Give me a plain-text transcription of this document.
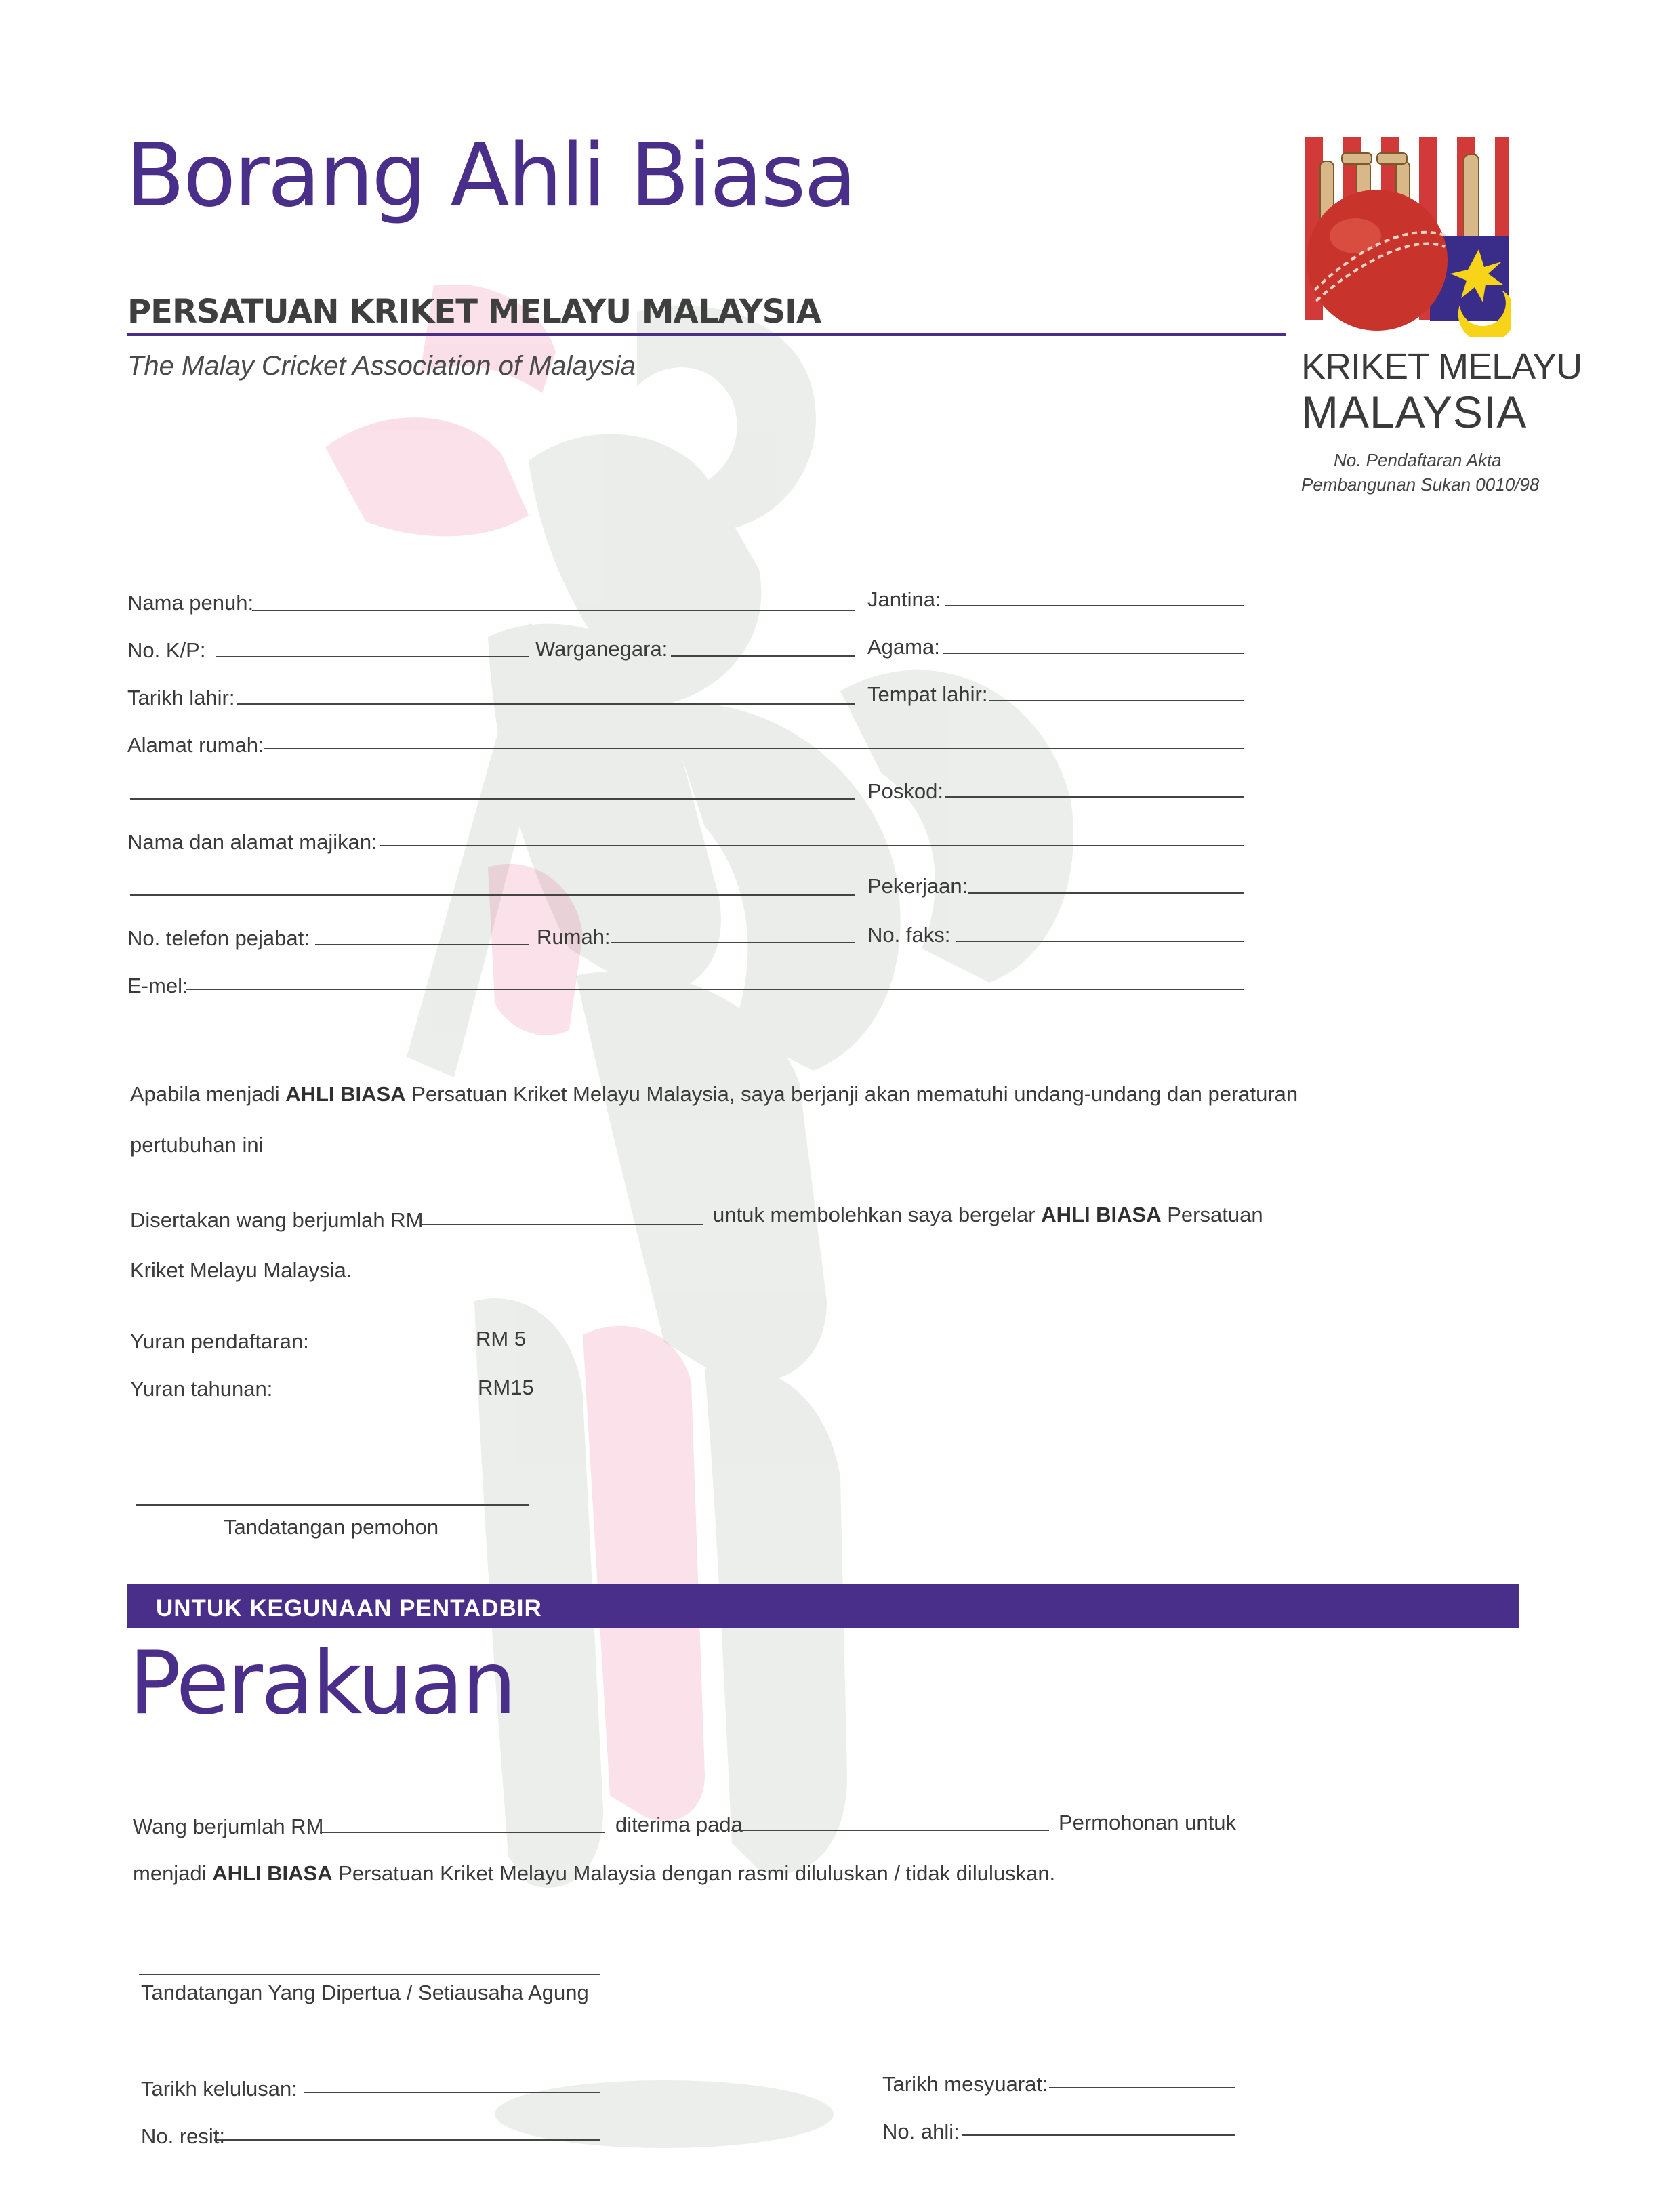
Borang Ahli Biasa
PERSATUAN KRIKET MELAYU MALAYSIA
The Malay Cricket Association of Malaysia	KRIKET MELAYU
MALAYSIA
No. Pendaftaran Akta
Pembangunan Sukan 0010/98
Nama penuh:	Jantina:
No. K/P:	Warganegara:	Agama:
Tarikh lahir:	Tempat lahir:
Alamat rumah:
Poskod:
Nama dan alamat majikan:
Pekerjaan:
No. telefon pejabat:	Rumah:	No. faks:
E-mel:
Apabila menjadi AHLI BIASA Persatuan Kriket Melayu Malaysia, saya berjanji akan mematuhi undang-undang dan peraturan
pertubuhan ini
Disertakan wang berjumlah RM	untuk membolehkan saya bergelar AHLI BIASA Persatuan
Kriket Melayu Malaysia.
Yuran pendaftaran:	RM 5
Yuran tahunan:	RM15
Tandatangan pemohon
UNTUK KEGUNAAN PENTADBIR
Perakuan
Wang berjumlah RM	diterima pada	Permohonan untuk
menjadi AHLI BIASA Persatuan Kriket Melayu Malaysia dengan rasmi diluluskan / tidak diluluskan.
Tandatangan Yang Dipertua / Setiausaha Agung
Tarikh kelulusan:	Tarikh mesyuarat:
No. resit:	No. ahli:
